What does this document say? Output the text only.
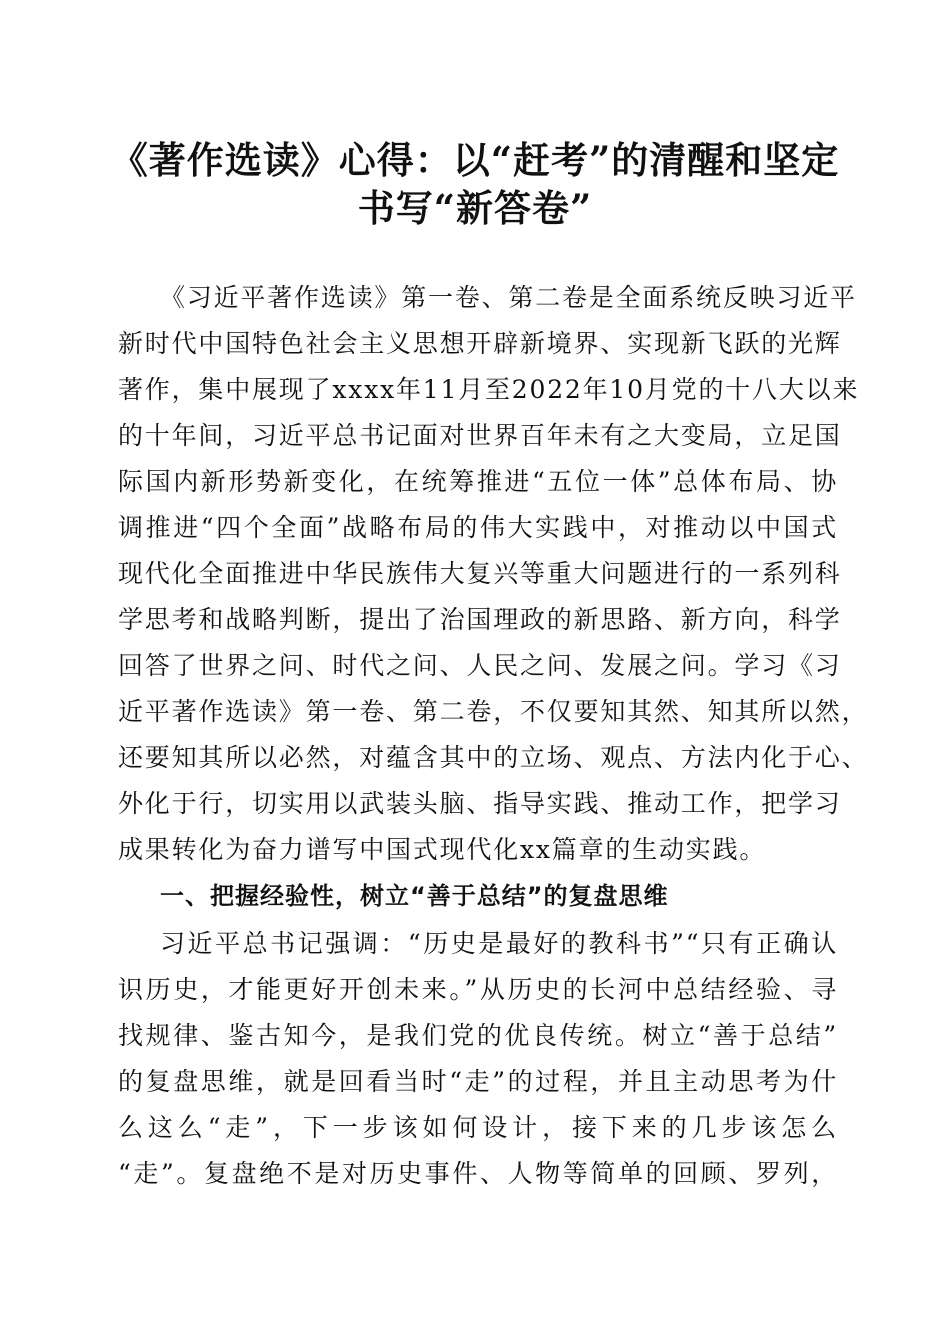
《著作选读》心得：以“赶考”的清醒和坚定
书写“新答卷”
《习近平著作选读》第一卷、第二卷是全面系统反映习近平
新时代中国特色社会主义思想开辟新境界、实现新飞跃的光辉
著作，集中展现了xxxx年11月至2022年10月党的十八大以来
的十年间，习近平总书记面对世界百年未有之大变局，立足国
际国内新形势新变化，在统筹推进“五位一体”总体布局、协
调推进“四个全面”战略布局的伟大实践中，对推动以中国式
现代化全面推进中华民族伟大复兴等重大问题进行的一系列科
学思考和战略判断，提出了治国理政的新思路、新方向，科学
回答了世界之问、时代之问、人民之问、发展之问。学习《习
近平著作选读》第一卷、第二卷，不仅要知其然、知其所以然，
还要知其所以必然，对蕴含其中的立场、观点、方法内化于心、
外化于行，切实用以武装头脑、指导实践、推动工作，把学习
成果转化为奋力谱写中国式现代化xx篇章的生动实践。
一、把握经验性，树立“善于总结”的复盘思维
习近平总书记强调：“历史是最好的教科书”“只有正确认
识历史，才能更好开创未来。”从历史的长河中总结经验、寻
找规律、鉴古知今，是我们党的优良传统。树立“善于总结”
的复盘思维，就是回看当时“走”的过程，并且主动思考为什
么这么“走”，下一步该如何设计，接下来的几步该怎么
“走”。复盘绝不是对历史事件、人物等简单的回顾、罗列，
